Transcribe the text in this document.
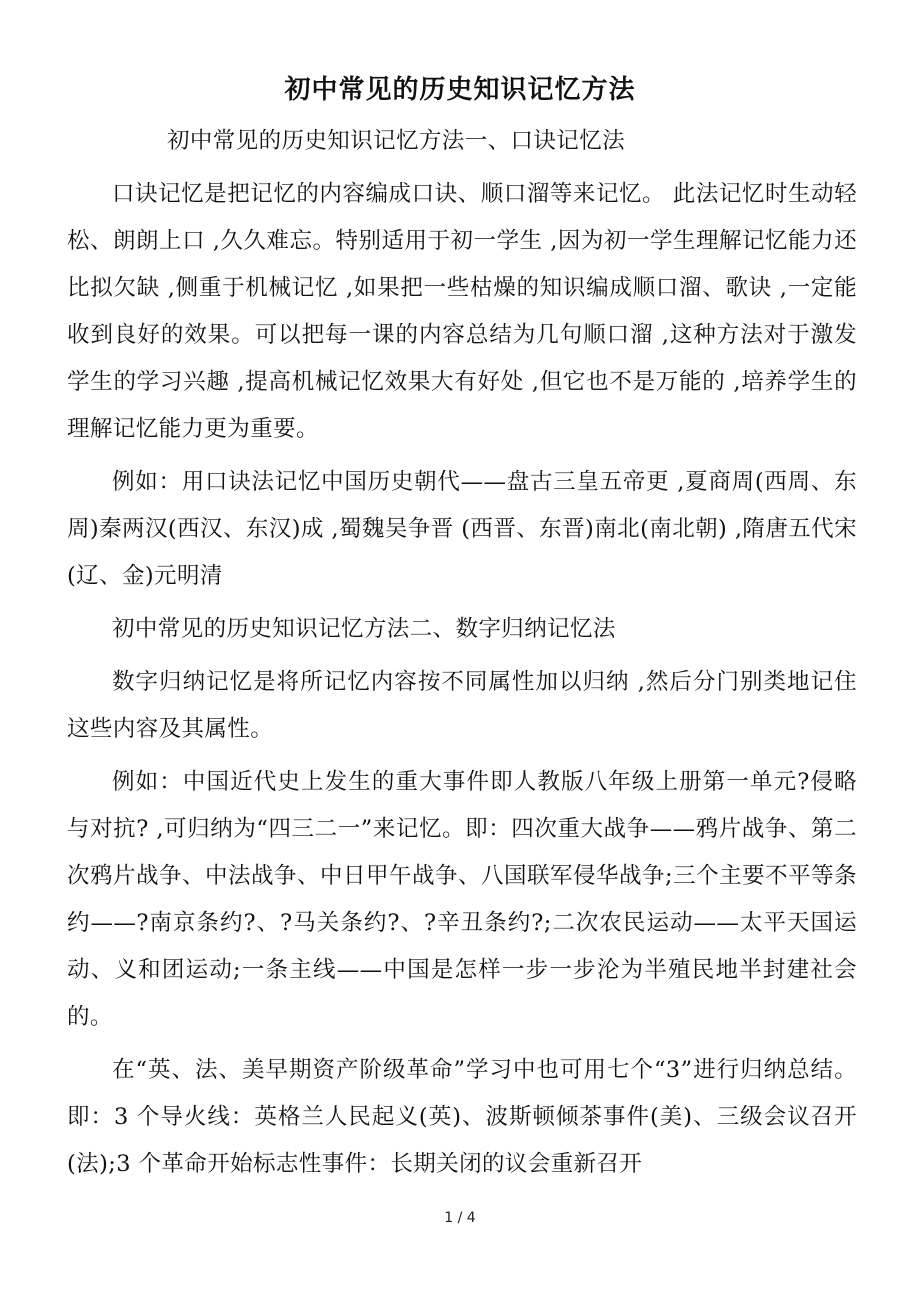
初中常见的历史知识记忆方法

初中常见的历史知识记忆方法一、口诀记忆法

口诀记忆是把记忆的内容编成口诀、顺口溜等来记忆。 此法记忆时生动轻松、朗朗上口 ,久久难忘。特别适用于初一学生 ,因为初一学生理解记忆能力还比拟欠缺 ,侧重于机械记忆 ,如果把一些枯燥的知识编成顺口溜、歌诀 ,一定能收到良好的效果。可以把每一课的内容总结为几句顺口溜 ,这种方法对于激发学生的学习兴趣 ,提高机械记忆效果大有好处 ,但它也不是万能的 ,培养学生的理解记忆能力更为重要。

例如：用口诀法记忆中国历史朝代——盘古三皇五帝更 ,夏商周(西周、东周)秦两汉(西汉、东汉)成 ,蜀魏吴争晋 (西晋、东晋)南北(南北朝) ,隋唐五代宋(辽、金)元明清

初中常见的历史知识记忆方法二、数字归纳记忆法

数字归纳记忆是将所记忆内容按不同属性加以归纳 ,然后分门别类地记住这些内容及其属性。

例如：中国近代史上发生的重大事件即人教版八年级上册第一单元?侵略与对抗? ,可归纳为“四三二一”来记忆。即：四次重大战争——鸦片战争、第二次鸦片战争、中法战争、中日甲午战争、八国联军侵华战争;三个主要不平等条约——?南京条约?、?马关条约?、?辛丑条约?;二次农民运动——太平天国运动、义和团运动;一条主线——中国是怎样一步一步沦为半殖民地半封建社会的。

在“英、法、美早期资产阶级革命”学习中也可用七个“3”进行归纳总结。即：3 个导火线：英格兰人民起义(英)、波斯顿倾茶事件(美)、三级会议召开(法);3 个革命开始标志性事件：长期关闭的议会重新召开

1 / 4
